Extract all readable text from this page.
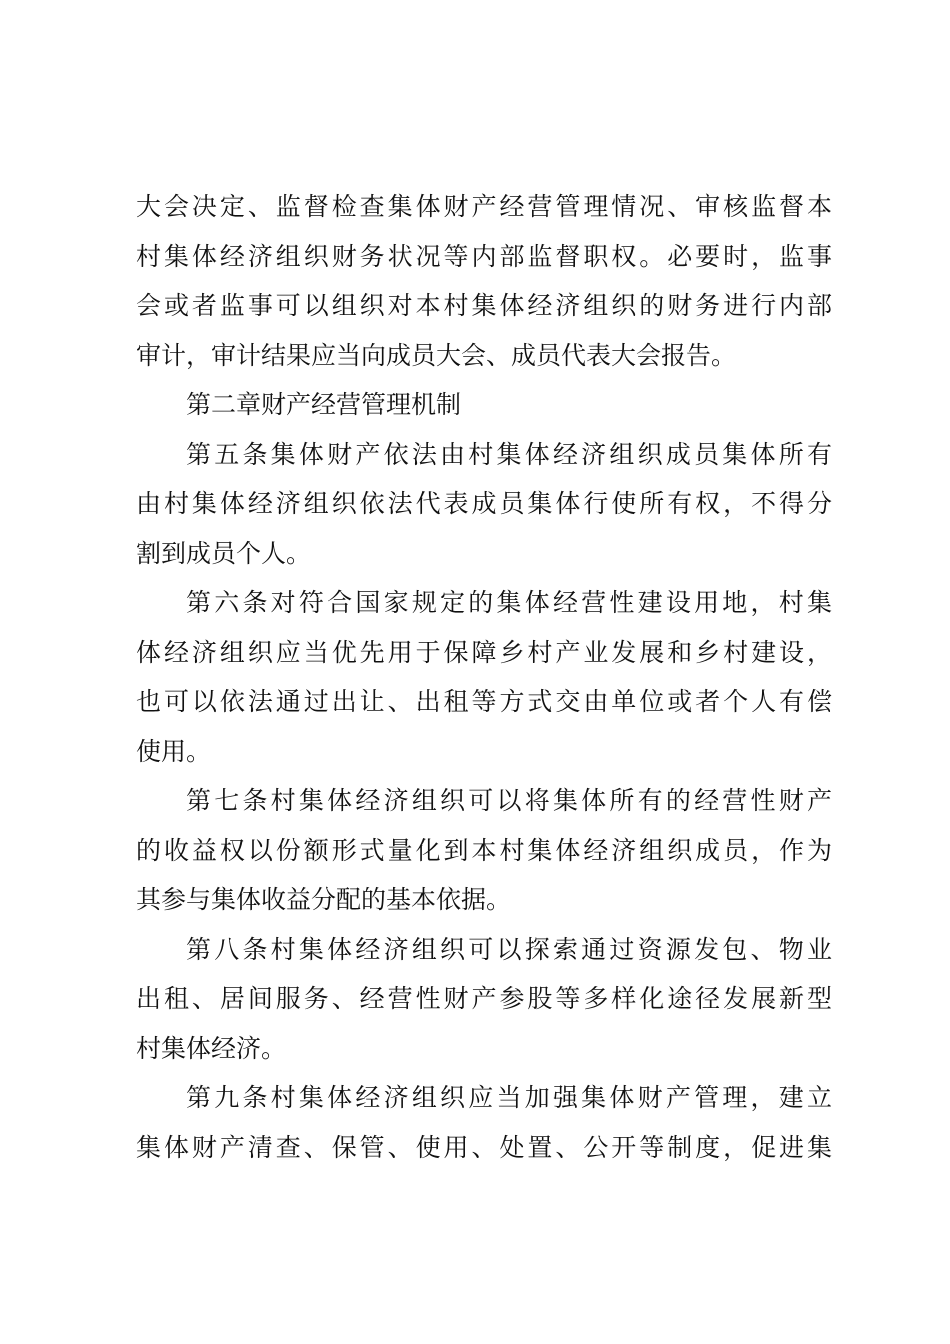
大会决定、监督检查集体财产经营管理情况、审核监督本
村集体经济组织财务状况等内部监督职权。必要时，监事
会或者监事可以组织对本村集体经济组织的财务进行内部
审计，审计结果应当向成员大会、成员代表大会报告。
第二章财产经营管理机制
第五条集体财产依法由村集体经济组织成员集体所有
由村集体经济组织依法代表成员集体行使所有权，不得分
割到成员个人。
第六条对符合国家规定的集体经营性建设用地，村集
体经济组织应当优先用于保障乡村产业发展和乡村建设，
也可以依法通过出让、出租等方式交由单位或者个人有偿
使用。
第七条村集体经济组织可以将集体所有的经营性财产
的收益权以份额形式量化到本村集体经济组织成员，作为
其参与集体收益分配的基本依据。
第八条村集体经济组织可以探索通过资源发包、物业
出租、居间服务、经营性财产参股等多样化途径发展新型
村集体经济。
第九条村集体经济组织应当加强集体财产管理，建立
集体财产清查、保管、使用、处置、公开等制度，促进集
